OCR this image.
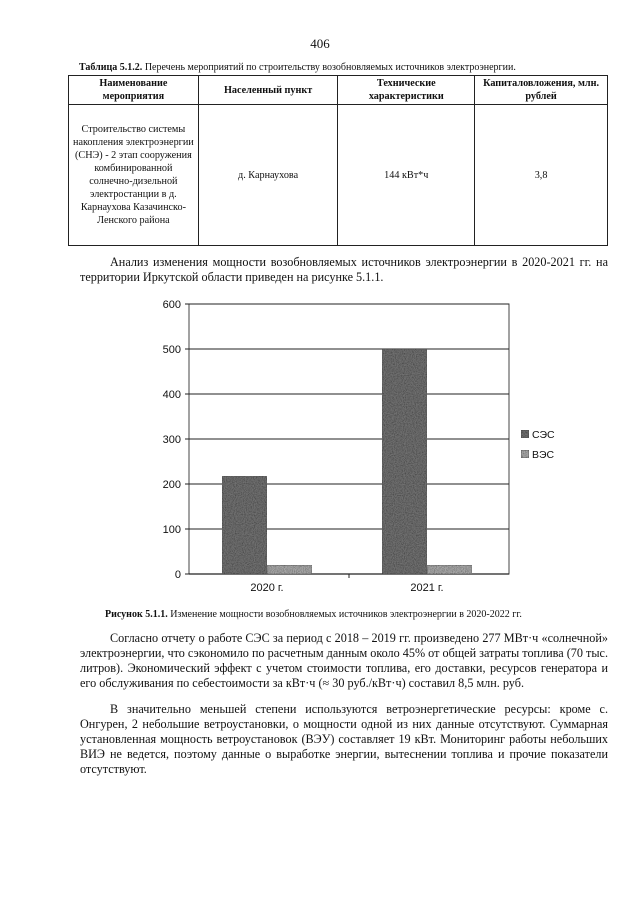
406
Таблица 5.1.2. Перечень мероприятий по строительству возобновляемых источников электроэнергии.
Наименование мероприятия	Населенный пункт	Технические характеристики	Капиталовложения, млн. рублей
Строительство системы накопления электроэнергии (СНЭ) - 2 этап сооружения комбинированной солнечно-дизельной электростанции в д. Карнаухова Казачинско-Ленского района	д. Карнаухова	144 кВт*ч	3,8

Анализ изменения мощности возобновляемых источников электроэнергии в 2020-2021 гг. на территории Иркутской области приведен на рисунке 5.1.1.

0
100
200
300
400
500
600
2020 г.	2021 г.
СЭС
ВЭС
Рисунок 5.1.1. Изменение мощности возобновляемых источников электроэнергии в 2020-2022 гг.

Согласно отчету о работе СЭС за период с 2018 – 2019 гг. произведено 277 МВт·ч «солнечной» электроэнергии, что сэкономило по расчетным данным около 45% от общей затраты топлива (70 тыс. литров). Экономический эффект с учетом стоимости топлива, его доставки, ресурсов генератора и его обслуживания по себестоимости за кВт·ч (≈ 30 руб./кВт·ч) составил 8,5 млн. руб.

В значительно меньшей степени используются ветроэнергетические ресурсы: кроме с. Онгурен, 2 небольшие ветроустановки, о мощности одной из них данные отсутствуют. Суммарная установленная мощность ветроустановок (ВЭУ) составляет 19 кВт. Мониторинг работы небольших ВИЭ не ведется, поэтому данные о выработке энергии, вытеснении топлива и прочие показатели отсутствуют.
